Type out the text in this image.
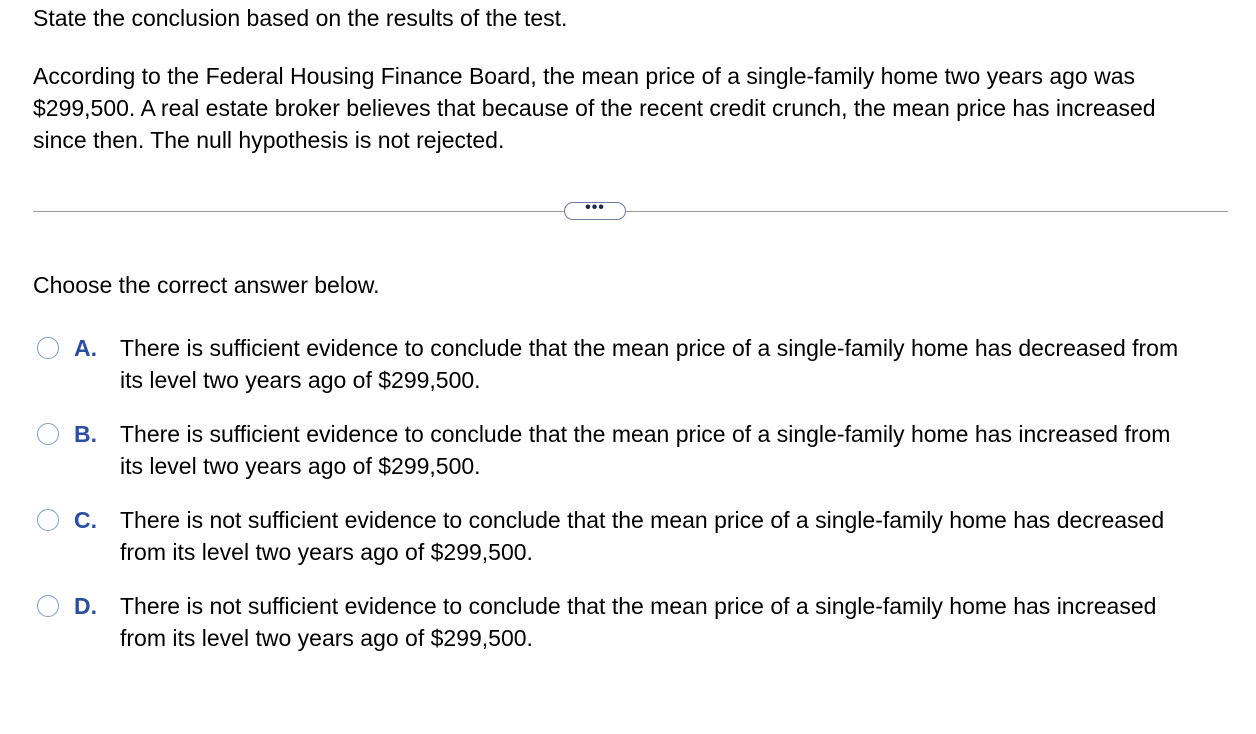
State the conclusion based on the results of the test.

According to the Federal Housing Finance Board, the mean price of a single-family home two years ago was $299,500. A real estate broker believes that because of the recent credit crunch, the mean price has increased since then. The null hypothesis is not rejected.

•••

Choose the correct answer below.

A.	There is sufficient evidence to conclude that the mean price of a single-family home has decreased from its level two years ago of $299,500.
B.	There is sufficient evidence to conclude that the mean price of a single-family home has increased from its level two years ago of $299,500.
C.	There is not sufficient evidence to conclude that the mean price of a single-family home has decreased from its level two years ago of $299,500.
D.	There is not sufficient evidence to conclude that the mean price of a single-family home has increased from its level two years ago of $299,500.
